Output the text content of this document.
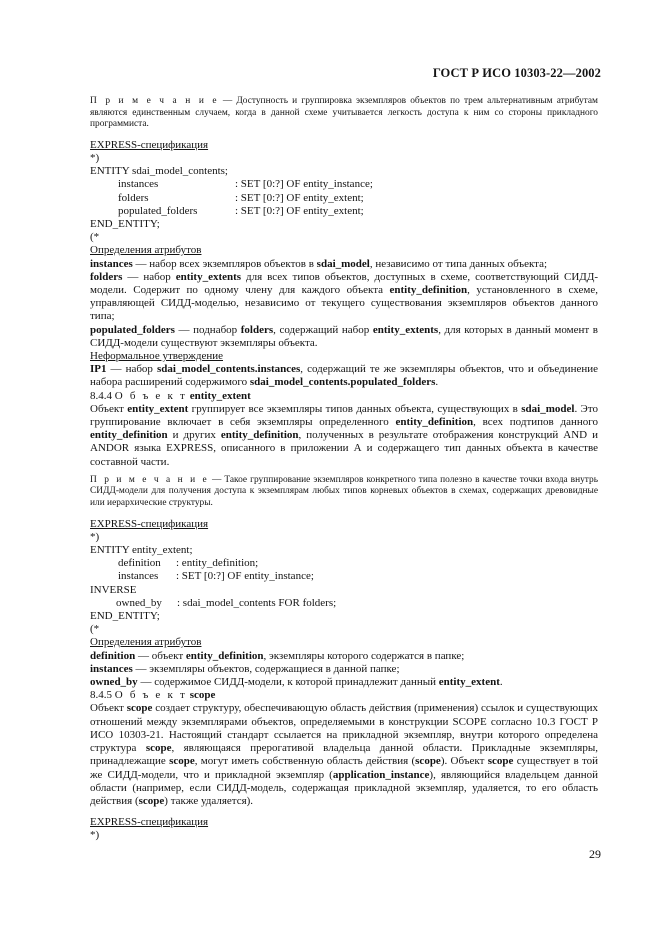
ГОСТ Р ИСО 10303-22—2002

П р и м е ч а н и е — Доступность и группировка экземпляров объектов по трем альтернативным атрибутам являются единственным случаем, когда в данной схеме учитывается легкость доступа к ним со стороны прикладного программиста.

EXPRESS-спецификация
*)
ENTITY sdai_model_contents;
instances	: SET [0:?] OF entity_instance;
folders	: SET [0:?] OF entity_extent;
populated_folders	: SET [0:?] OF entity_extent;
END_ENTITY;
(*
Определения атрибутов

instances — набор всех экземпляров объектов в sdai_model, независимо от типа данных объекта;

folders — набор entity_extents для всех типов объектов, доступных в схеме, соответствующий СИДД-модели. Содержит по одному члену для каждого объекта entity_definition, установленного в схеме, управляющей СИДД-моделью, независимо от текущего существования экземпляров объектов данного типа;

populated_folders — поднабор folders, содержащий набор entity_extents, для которых в данный момент в СИДД-модели существуют экземпляры объекта.

Неформальное утверждение

IP1 — набор sdai_model_contents.instances, содержащий те же экземпляры объектов, что и объединение набора расширений содержимого sdai_model_contents.populated_folders.

8.4.4 О б ъ е к т entity_extent

Объект entity_extent группирует все экземпляры типов данных объекта, существующих в sdai_model. Это группирование включает в себя экземпляры определенного entity_definition, всех подтипов данного entity_definition и других entity_definition, полученных в результате отображения конструкций AND и ANDOR языка EXPRESS, описанного в приложении А и содержащего тип данных объекта в качестве составной части.

П р и м е ч а н и е — Такое группирование экземпляров конкретного типа полезно в качестве точки входа внутрь СИДД-модели для получения доступа к экземплярам любых типов корневых объектов в схемах, содержащих древовидные или иерархические структуры.

EXPRESS-спецификация
*)
ENTITY entity_extent;
definition	: entity_definition;
instances	: SET [0:?] OF entity_instance;
INVERSE
owned_by	: sdai_model_contents FOR folders;
END_ENTITY;
(*
Определения атрибутов

definition — объект entity_definition, экземпляры которого содержатся в папке;

instances — экземпляры объектов, содержащиеся в данной папке;

owned_by — содержимое СИДД-модели, к которой принадлежит данный entity_extent.

8.4.5 О б ъ е к т scope

Объект scope создает структуру, обеспечивающую область действия (применения) ссылок и существующих отношений между экземплярами объектов, определяемыми в конструкции SCOPE согласно 10.3 ГОСТ Р ИСО 10303-21. Настоящий стандарт ссылается на прикладной экземпляр, внутри которого определена структура scope, являющаяся прерогативой владельца данной области. Прикладные экземпляры, принадлежащие scope, могут иметь собственную область действия (scope). Объект scope существует в той же СИДД-модели, что и прикладной экземпляр (application_instance), являющийся владельцем данной области (например, если СИДД-модель, содержащая прикладной экземпляр, удаляется, то его область действия (scope) также удаляется).

EXPRESS-спецификация
*)
29
